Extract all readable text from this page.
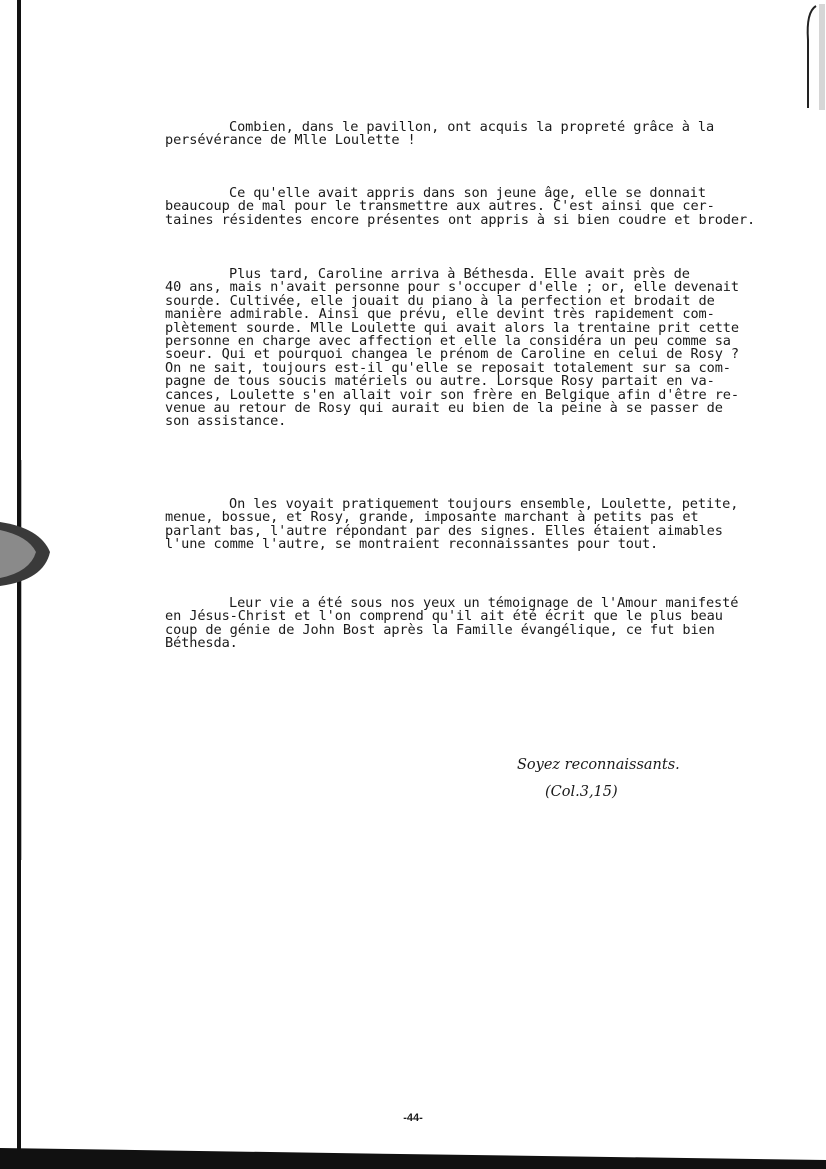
Combien, dans le pavillon, ont acquis la propreté grâce à la
persévérance de Mlle Loulette !

Ce qu'elle avait appris dans son jeune âge, elle se donnait
beaucoup de mal pour le transmettre aux autres. C'est ainsi que cer-
taines résidentes encore présentes ont appris à si bien coudre et broder.

Plus tard, Caroline arriva à Béthesda. Elle avait près de
40 ans, mais n'avait personne pour s'occuper d'elle ; or, elle devenait
sourde. Cultivée, elle jouait du piano à la perfection et brodait de
manière admirable. Ainsi que prévu, elle devint très rapidement com-
plètement sourde. Mlle Loulette qui avait alors la trentaine prit cette
personne en charge avec affection et elle la considéra un peu comme sa
soeur. Qui et pourquoi changea le prénom de Caroline en celui de Rosy ?
On ne sait, toujours est-il qu'elle se reposait totalement sur sa com-
pagne de tous soucis matériels ou autre. Lorsque Rosy partait en va-
cances, Loulette s'en allait voir son frère en Belgique afin d'être re-
venue au retour de Rosy qui aurait eu bien de la peine à se passer de
son assistance.

On les voyait pratiquement toujours ensemble, Loulette, petite,
menue, bossue, et Rosy, grande, imposante marchant à petits pas et
parlant bas, l'autre répondant par des signes. Elles étaient aimables
l'une comme l'autre, se montraient reconnaissantes pour tout.

Leur vie a été sous nos yeux un témoignage de l'Amour manifesté
en Jésus-Christ et l'on comprend qu'il ait été écrit que le plus beau
coup de génie de John Bost après la Famille évangélique, ce fut bien
Béthesda.

Soyez reconnaissants.
(Col.3,15)

-44-
